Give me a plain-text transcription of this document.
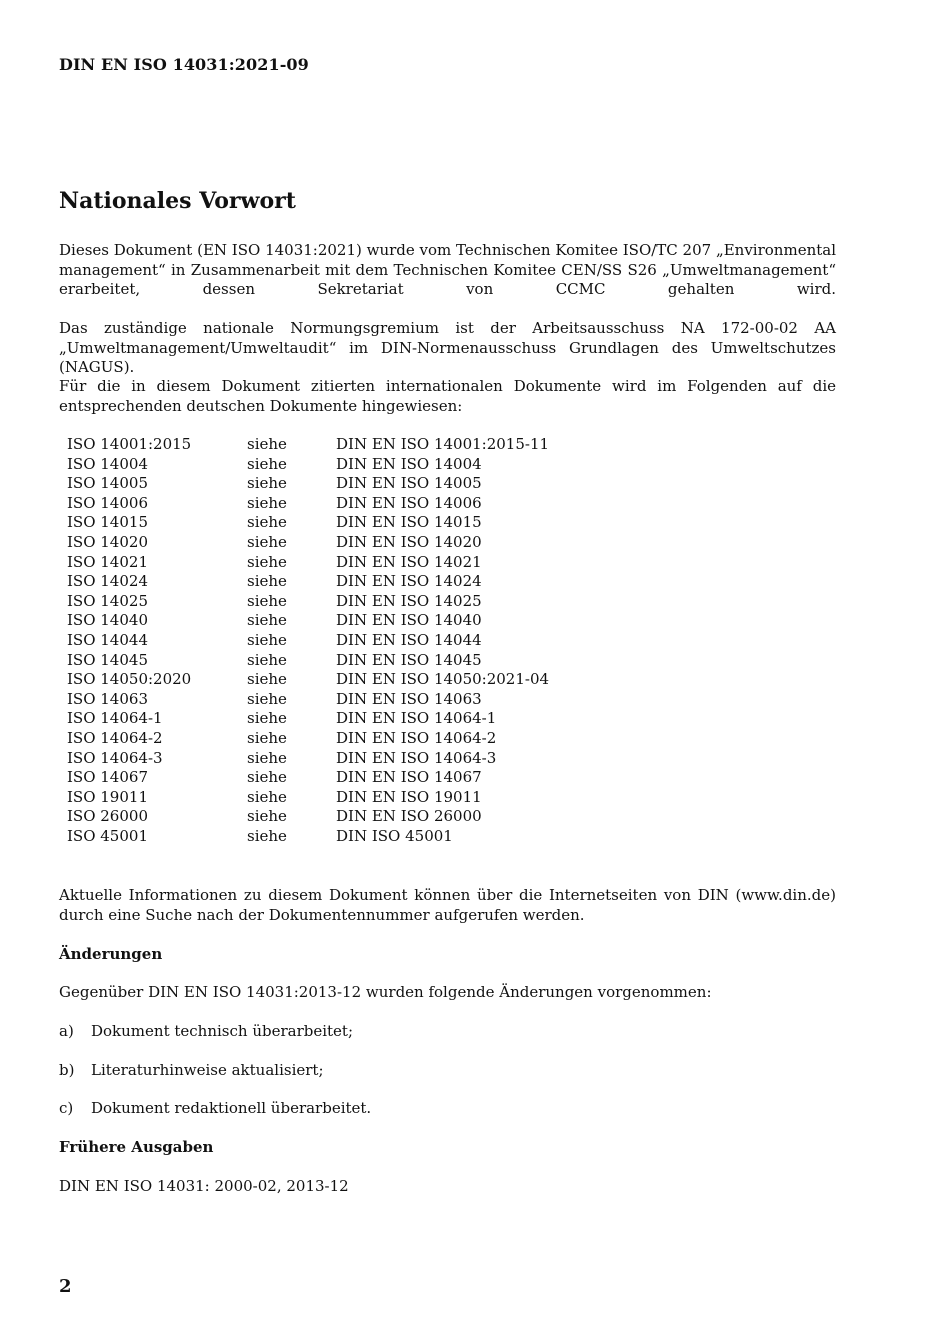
DIN EN ISO 14031:2021-09
Nationales Vorwort

Dieses Dokument (EN ISO 14031:2021) wurde vom Technischen Komitee ISO/TC 207 „Environmental management“ in Zusammenarbeit mit dem Technischen Komitee CEN/SS S26 „Umweltmanagement“ erarbeitet, dessen Sekretariat von CCMC gehalten wird.

Das zuständige nationale Normungsgremium ist der Arbeitsausschuss NA 172-00-02 AA „Umweltmanagement/Umweltaudit“ im DIN-Normenausschuss Grundlagen des Umweltschutzes (NAGUS).

Für die in diesem Dokument zitierten internationalen Dokumente wird im Folgenden auf die entsprechenden deutschen Dokumente hingewiesen:

ISO 14001:2015	siehe	DIN EN ISO 14001:2015-11
ISO 14004	siehe	DIN EN ISO 14004
ISO 14005	siehe	DIN EN ISO 14005
ISO 14006	siehe	DIN EN ISO 14006
ISO 14015	siehe	DIN EN ISO 14015
ISO 14020	siehe	DIN EN ISO 14020
ISO 14021	siehe	DIN EN ISO 14021
ISO 14024	siehe	DIN EN ISO 14024
ISO 14025	siehe	DIN EN ISO 14025
ISO 14040	siehe	DIN EN ISO 14040
ISO 14044	siehe	DIN EN ISO 14044
ISO 14045	siehe	DIN EN ISO 14045
ISO 14050:2020	siehe	DIN EN ISO 14050:2021-04
ISO 14063	siehe	DIN EN ISO 14063
ISO 14064-1	siehe	DIN EN ISO 14064-1
ISO 14064-2	siehe	DIN EN ISO 14064-2
ISO 14064-3	siehe	DIN EN ISO 14064-3
ISO 14067	siehe	DIN EN ISO 14067
ISO 19011	siehe	DIN EN ISO 19011
ISO 26000	siehe	DIN EN ISO 26000
ISO 45001	siehe	DIN ISO 45001

Aktuelle Informationen zu diesem Dokument können über die Internetseiten von DIN (www.din.de) durch eine Suche nach der Dokumentennummer aufgerufen werden.

Änderungen

Gegenüber DIN EN ISO 14031:2013-12 wurden folgende Änderungen vorgenommen:

a)	Dokument technisch überarbeitet;
b)	Literaturhinweise aktualisiert;
c)	Dokument redaktionell überarbeitet.
Frühere Ausgaben

DIN EN ISO 14031: 2000-02, 2013-12

2
